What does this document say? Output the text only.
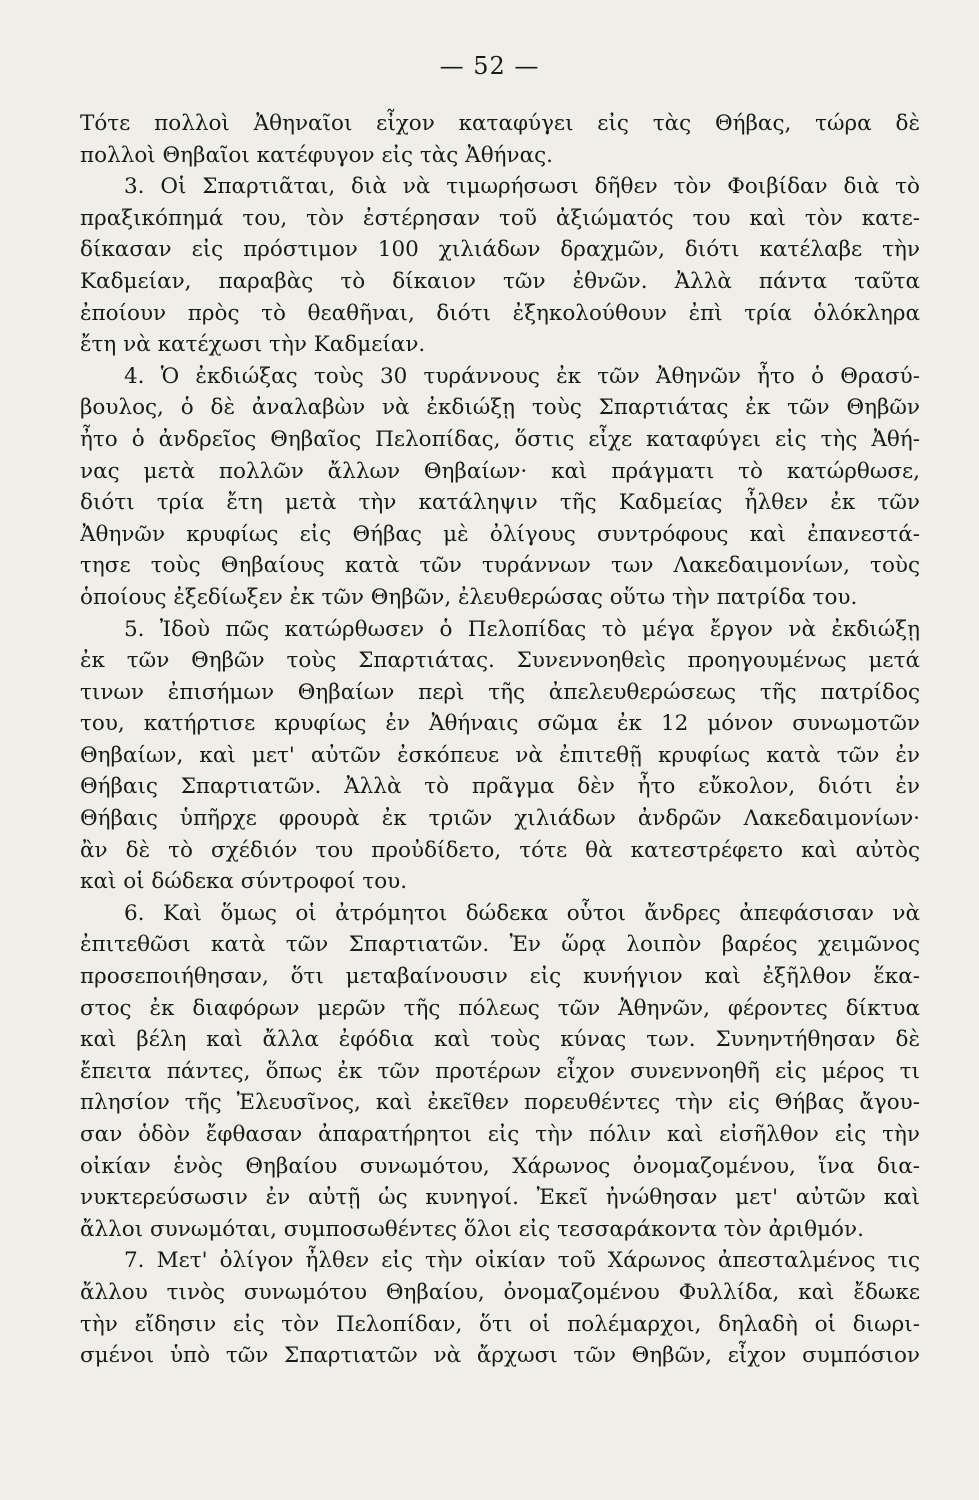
— 52 —
Τότε πολλοὶ Ἀθηναῖοι εἶχον καταφύγει εἰς τὰς Θήβας, τώρα δὲ
πολλοὶ Θηβαῖοι κατέφυγον εἰς τὰς Ἀθήνας.
3. Οἱ Σπαρτιᾶται, διὰ νὰ τιμωρήσωσι δῆθεν τὸν Φοιβίδαν διὰ τὸ
πραξικόπημά του, τὸν ἐστέρησαν τοῦ ἀξιώματός του καὶ τὸν κατε-
δίκασαν εἰς πρόστιμον 100 χιλιάδων δραχμῶν, διότι κατέλαβε τὴν
Καδμείαν, παραβὰς τὸ δίκαιον τῶν ἐθνῶν. Ἀλλὰ πάντα ταῦτα
ἐποίουν πρὸς τὸ θεαθῆναι, διότι ἐξηκολούθουν ἐπὶ τρία ὁλόκληρα
ἔτη νὰ κατέχωσι τὴν Καδμείαν.
4. Ὁ ἐκδιώξας τοὺς 30 τυράννους ἐκ τῶν Ἀθηνῶν ἦτο ὁ Θρασύ-
βουλος, ὁ δὲ ἀναλαβὼν νὰ ἐκδιώξῃ τοὺς Σπαρτιάτας ἐκ τῶν Θηβῶν
ἦτο ὁ ἀνδρεῖος Θηβαῖος Πελοπίδας, ὅστις εἶχε καταφύγει εἰς τὴς Ἀθή-
νας μετὰ πολλῶν ἄλλων Θηβαίων· καὶ πράγματι τὸ κατώρθωσε,
διότι τρία ἔτη μετὰ τὴν κατάληψιν τῆς Καδμείας ἦλθεν ἐκ τῶν
Ἀθηνῶν κρυφίως εἰς Θήβας μὲ ὀλίγους συντρόφους καὶ ἐπανεστά-
τησε τοὺς Θηβαίους κατὰ τῶν τυράννων των Λακεδαιμονίων, τοὺς
ὁποίους ἐξεδίωξεν ἐκ τῶν Θηβῶν, ἐλευθερώσας οὕτω τὴν πατρίδα του.
5. Ἰδοὺ πῶς κατώρθωσεν ὁ Πελοπίδας τὸ μέγα ἔργον νὰ ἐκδιώξῃ
ἐκ τῶν Θηβῶν τοὺς Σπαρτιάτας. Συνεννοηθεὶς προηγουμένως μετά
τινων ἐπισήμων Θηβαίων περὶ τῆς ἀπελευθερώσεως τῆς πατρίδος
του, κατήρτισε κρυφίως ἐν Ἀθήναις σῶμα ἐκ 12 μόνον συνωμοτῶν
Θηβαίων, καὶ μετ' αὐτῶν ἐσκόπευε νὰ ἐπιτεθῇ κρυφίως κατὰ τῶν ἐν
Θήβαις Σπαρτιατῶν. Ἀλλὰ τὸ πρᾶγμα δὲν ἦτο εὔκολον, διότι ἐν
Θήβαις ὑπῆρχε φρουρὰ ἐκ τριῶν χιλιάδων ἀνδρῶν Λακεδαιμονίων·
ἂν δὲ τὸ σχέδιόν του προὐδίδετο, τότε θὰ κατεστρέφετο καὶ αὐτὸς
καὶ οἱ δώδεκα σύντροφοί του.
6. Καὶ ὅμως οἱ ἀτρόμητοι δώδεκα οὗτοι ἄνδρες ἀπεφάσισαν νὰ
ἐπιτεθῶσι κατὰ τῶν Σπαρτιατῶν. Ἐν ὥρᾳ λοιπὸν βαρέος χειμῶνος
προσεποιήθησαν, ὅτι μεταβαίνουσιν εἰς κυνήγιον καὶ ἐξῆλθον ἕκα-
στος ἐκ διαφόρων μερῶν τῆς πόλεως τῶν Ἀθηνῶν, φέροντες δίκτυα
καὶ βέλη καὶ ἄλλα ἐφόδια καὶ τοὺς κύνας των. Συνηντήθησαν δὲ
ἔπειτα πάντες, ὅπως ἐκ τῶν προτέρων εἶχον συνεννοηθῆ εἰς μέρος τι
πλησίον τῆς Ἐλευσῖνος, καὶ ἐκεῖθεν πορευθέντες τὴν εἰς Θήβας ἄγου-
σαν ὁδὸν ἔφθασαν ἀπαρατήρητοι εἰς τὴν πόλιν καὶ εἰσῆλθον εἰς τὴν
οἰκίαν ἑνὸς Θηβαίου συνωμότου, Χάρωνος ὀνομαζομένου, ἵνα δια-
νυκτερεύσωσιν ἐν αὐτῇ ὡς κυνηγοί. Ἐκεῖ ἠνώθησαν μετ' αὐτῶν καὶ
ἄλλοι συνωμόται, συμποσωθέντες ὅλοι εἰς τεσσαράκοντα τὸν ἀριθμόν.
7. Μετ' ὀλίγον ἦλθεν εἰς τὴν οἰκίαν τοῦ Χάρωνος ἀπεσταλμένος τις
ἄλλου τινὸς συνωμότου Θηβαίου, ὀνομαζομένου Φυλλίδα, καὶ ἔδωκε
τὴν εἴδησιν εἰς τὸν Πελοπίδαν, ὅτι οἱ πολέμαρχοι, δηλαδὴ οἱ διωρι-
σμένοι ὑπὸ τῶν Σπαρτιατῶν νὰ ἄρχωσι τῶν Θηβῶν, εἶχον συμπόσιον
